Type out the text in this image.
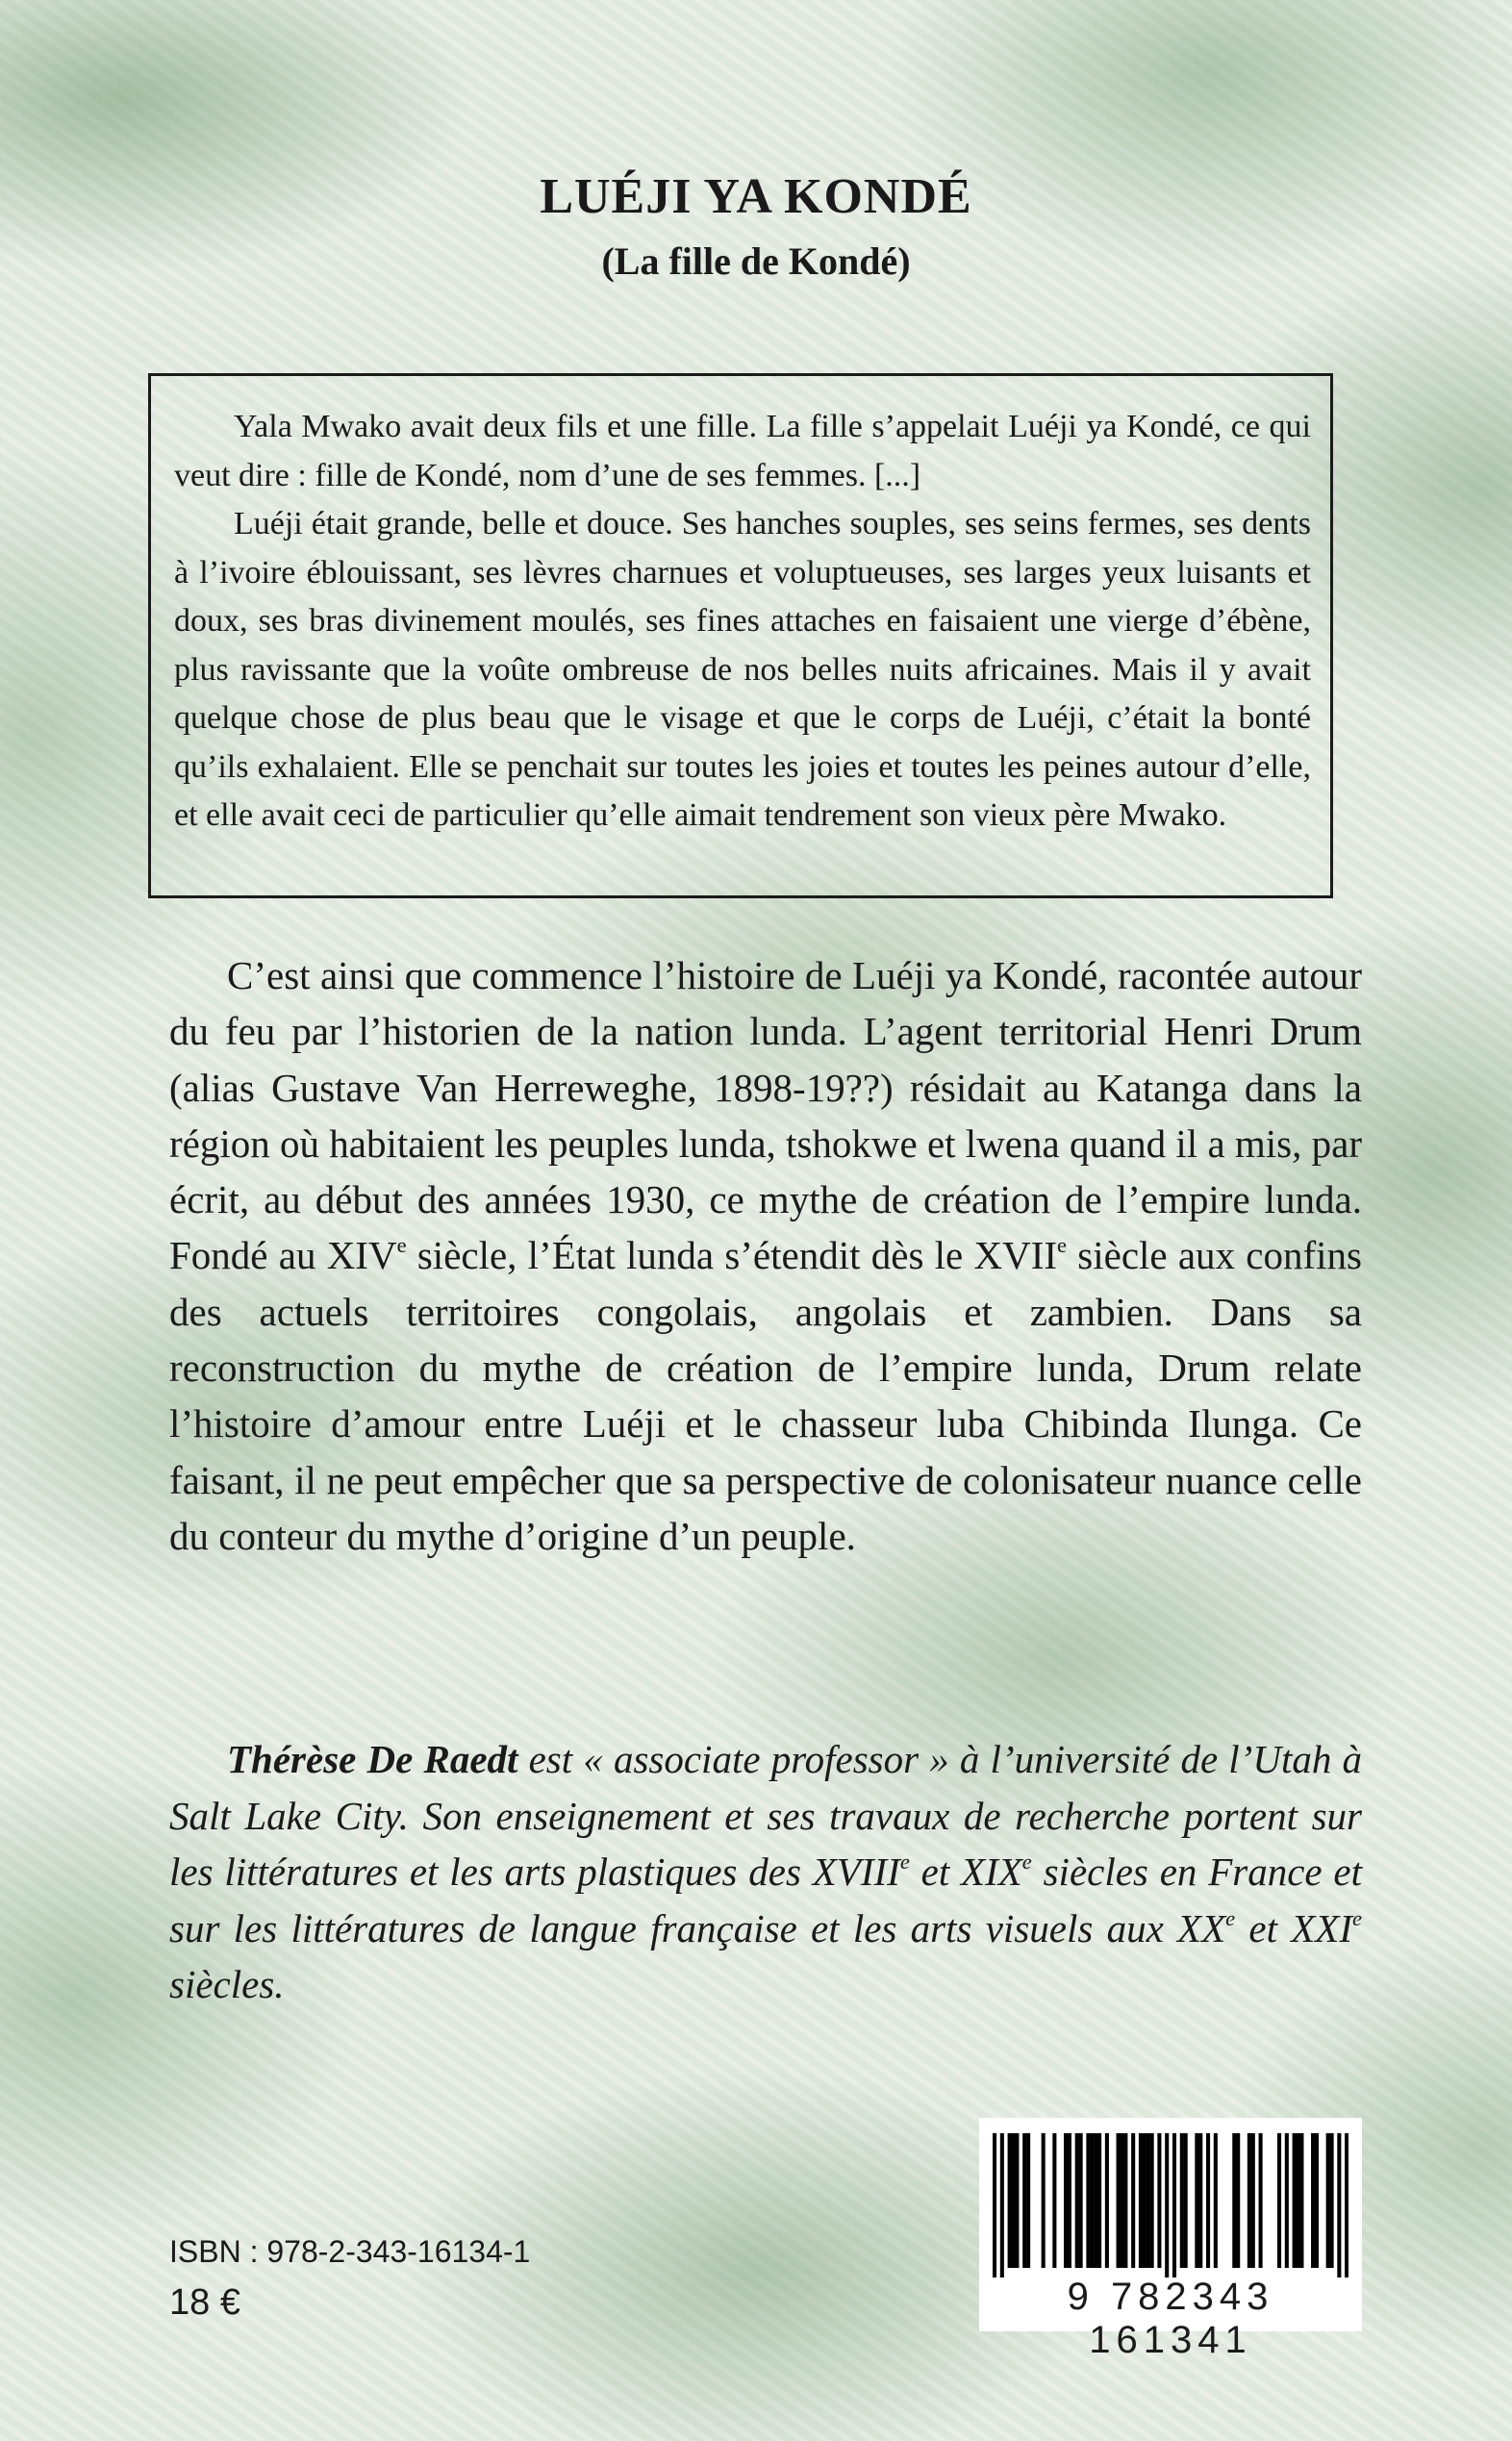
LUÉJI YA KONDÉ
(La fille de Kondé)

Yala Mwako avait deux fils et une fille. La fille s’appelait Luéji ya Kondé, ce qui veut dire : fille de Kondé, nom d’une de ses femmes. [...]

Luéji était grande, belle et douce. Ses hanches souples, ses seins fermes, ses dents à l’ivoire éblouissant, ses lèvres charnues et voluptueuses, ses larges yeux luisants et doux, ses bras divinement moulés, ses fines attaches en faisaient une vierge d’ébène, plus ravissante que la voûte ombreuse de nos belles nuits africaines. Mais il y avait quelque chose de plus beau que le visage et que le corps de Luéji, c’était la bonté qu’ils exhalaient. Elle se penchait sur toutes les joies et toutes les peines autour d’elle, et elle avait ceci de particulier qu’elle aimait tendrement son vieux père Mwako.

C’est ainsi que commence l’histoire de Luéji ya Kondé, racontée autour du feu par l’historien de la nation lunda. L’agent territorial Henri Drum (alias Gustave Van Herreweghe, 1898-19??) résidait au Katanga dans la région où habitaient les peuples lunda, tshokwe et lwena quand il a mis, par écrit, au début des années 1930, ce mythe de création de l’empire lunda. Fondé au XIVe siècle, l’État lunda s’étendit dès le XVIIe siècle aux confins des actuels territoires congolais, angolais et zambien. Dans sa reconstruction du mythe de création de l’empire lunda, Drum relate l’histoire d’amour entre Luéji et le chasseur luba Chibinda Ilunga. Ce faisant, il ne peut empêcher que sa perspective de colonisateur nuance celle du conteur du mythe d’origine d’un peuple.

Thérèse De Raedt est « associate professor » à l’université de l’Utah à Salt Lake City. Son enseignement et ses travaux de recherche portent sur les littératures et les arts plastiques des XVIIIe et XIXe siècles en France et sur les littératures de langue française et les arts visuels aux XXe et XXIe siècles.

ISBN : 978-2-343-16134-1
18 €	9 782343 161341
